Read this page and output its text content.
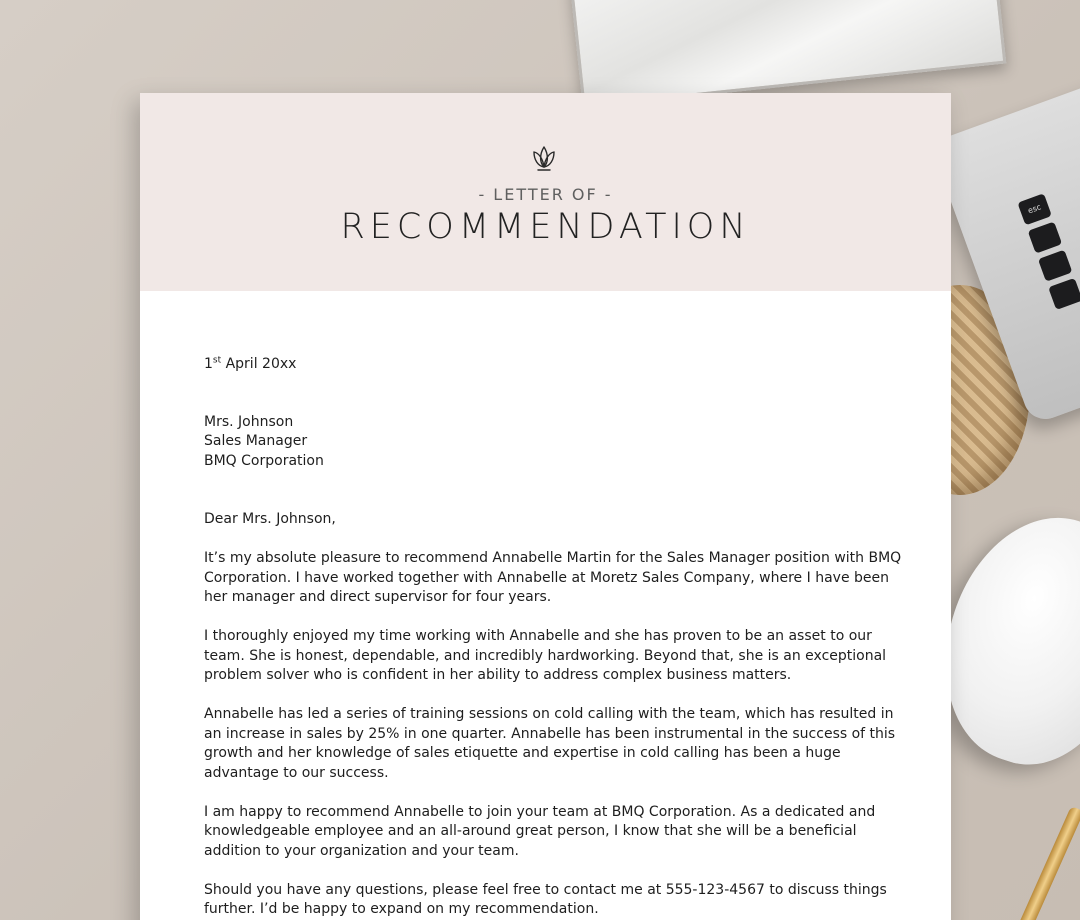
esc
- LETTER OF -
RECOMMENDATION

1st April 20xx

Mrs. Johnson
Sales Manager
BMQ Corporation

Dear Mrs. Johnson,

It’s my absolute pleasure to recommend Annabelle Martin for the Sales Manager position with BMQ Corporation. I have worked together with Annabelle at Moretz Sales Company, where I have been her manager and direct supervisor for four years.

I thoroughly enjoyed my time working with Annabelle and she has proven to be an asset to our team. She is honest, dependable, and incredibly hardworking. Beyond that, she is an exceptional problem solver who is confident in her ability to address complex business matters.

Annabelle has led a series of training sessions on cold calling with the team, which has resulted in an increase in sales by 25% in one quarter. Annabelle has been instrumental in the success of this growth and her knowledge of sales etiquette and expertise in cold calling has been a huge advantage to our success.

I am happy to recommend Annabelle to join your team at BMQ Corporation. As a dedicated and knowledgeable employee and an all-around great person, I know that she will be a beneficial addition to your organization and your team.

Should you have any questions, please feel free to contact me at 555-123-4567 to discuss things further. I’d be happy to expand on my recommendation.
